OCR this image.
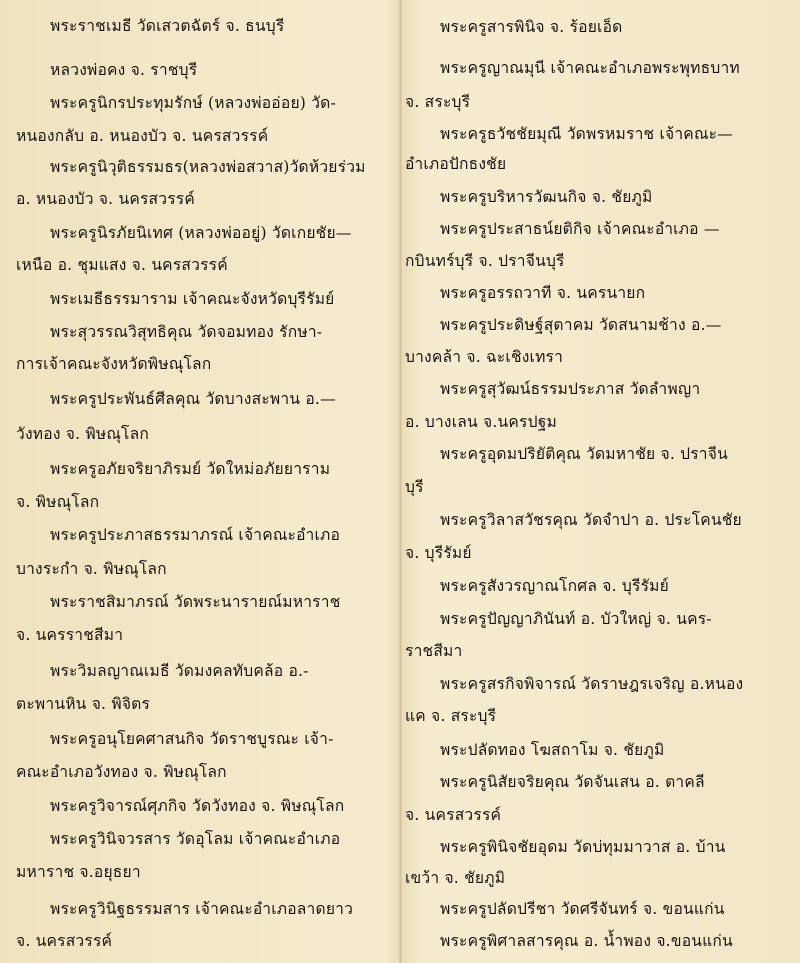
พระราชเมธี วัดเสวตฉัตร์ จ. ธนบุรี
หลวงพ่อคง จ. ราชบุรี
พระครูนิกรประทุมรักษ์ (หลวงพ่ออ่อย) วัด-
หนองกลับ อ. หนองบัว จ. นครสวรรค์
พระครูนิวุติธรรมธร(หลวงพ่อสวาส)วัดห้วยร่วม
อ. หนองบัว จ. นครสวรรค์
พระครูนิรภัยนิเทศ (หลวงพ่ออยู่) วัดเกยชัย—
เหนือ อ. ชุมแสง จ. นครสวรรค์
พระเมธีธรรมาราม เจ้าคณะจังหวัดบุรีรัมย์
พระสุวรรณวิสุทธิคุณ วัดจอมทอง รักษา-
การเจ้าคณะจังหวัดพิษณุโลก
พระครูประพันธ์ศีลคุณ วัดบางสะพาน อ.—
วังทอง จ. พิษณุโลก
พระครูอภัยจริยาภิรมย์ วัดใหม่อภัยยาราม
จ. พิษณุโลก
พระครูประภาสธรรมาภรณ์ เจ้าคณะอำเภอ
บางระกำ จ. พิษณุโลก
พระราชสิมาภรณ์ วัดพระนารายณ์มหาราช
จ. นครราชสีมา
พระวิมลญาณเมธี วัดมงคลทับคล้อ อ.-
ตะพานหิน จ. พิจิตร
พระครูอนุโยคศาสนกิจ วัดราชบูรณะ เจ้า-
คณะอำเภอวังทอง จ. พิษณุโลก
พระครูวิจารณ์ศุภกิจ วัดวังทอง จ. พิษณุโลก
พระครูวินิจวรสาร วัดอุโลม เจ้าคณะอำเภอ
มหาราช จ.อยุธยา
พระครูวินิฐธรรมสาร เจ้าคณะอำเภอลาดยาว
จ. นครสวรรค์
พระครูสารพินิจ จ. ร้อยเอ็ด
พระครูญาณมุนี เจ้าคณะอำเภอพระพุทธบาท
จ. สระบุรี
พระครูธวัชชัยมุณี วัดพรหมราช เจ้าคณะ—
อำเภอปักธงชัย
พระครูบริหารวัฒนกิจ จ. ชัยภูมิ
พระครูประสาธน์ยติกิจ เจ้าคณะอำเภอ —
กบินทร์บุรี จ. ปราจีนบุรี
พระครูอรรถวาที จ. นครนายก
พระครูประดิษฐ์สุตาคม วัดสนามช้าง อ.—
บางคล้า จ. ฉะเชิงเทรา
พระครูสุวัฒน์ธรรมประภาส วัดลำพญา
อ. บางเลน จ.นครปฐม
พระครูอุดมปริยัติคุณ วัดมหาชัย จ. ปราจีน
บุรี
พระครูวิลาสวัชรคุณ วัดจำปา อ. ประโคนชัย
จ. บุรีรัมย์
พระครูสังวรญาณโกศล จ. บุรีรัมย์
พระครูปัญญาภินันท์ อ. บัวใหญ่ จ. นคร-
ราชสีมา
พระครูสรกิจพิจารณ์ วัดราษฎรเจริญ อ.หนอง
แค จ. สระบุรี
พระปลัดทอง โฆสถาโม จ. ชัยภูมิ
พระครูนิสัยจริยคุณ วัดจันเสน อ. ตาคลี
จ. นครสวรรค์
พระครูพินิจชัยอุดม วัดบ่ทุมมาวาส อ. บ้าน
เขว้า จ. ชัยภูมิ
พระครูปลัดปรีชา วัดศรีจันทร์ จ. ขอนแก่น
พระครูพิศาลสารคุณ อ. น้ำพอง จ.ขอนแก่น
